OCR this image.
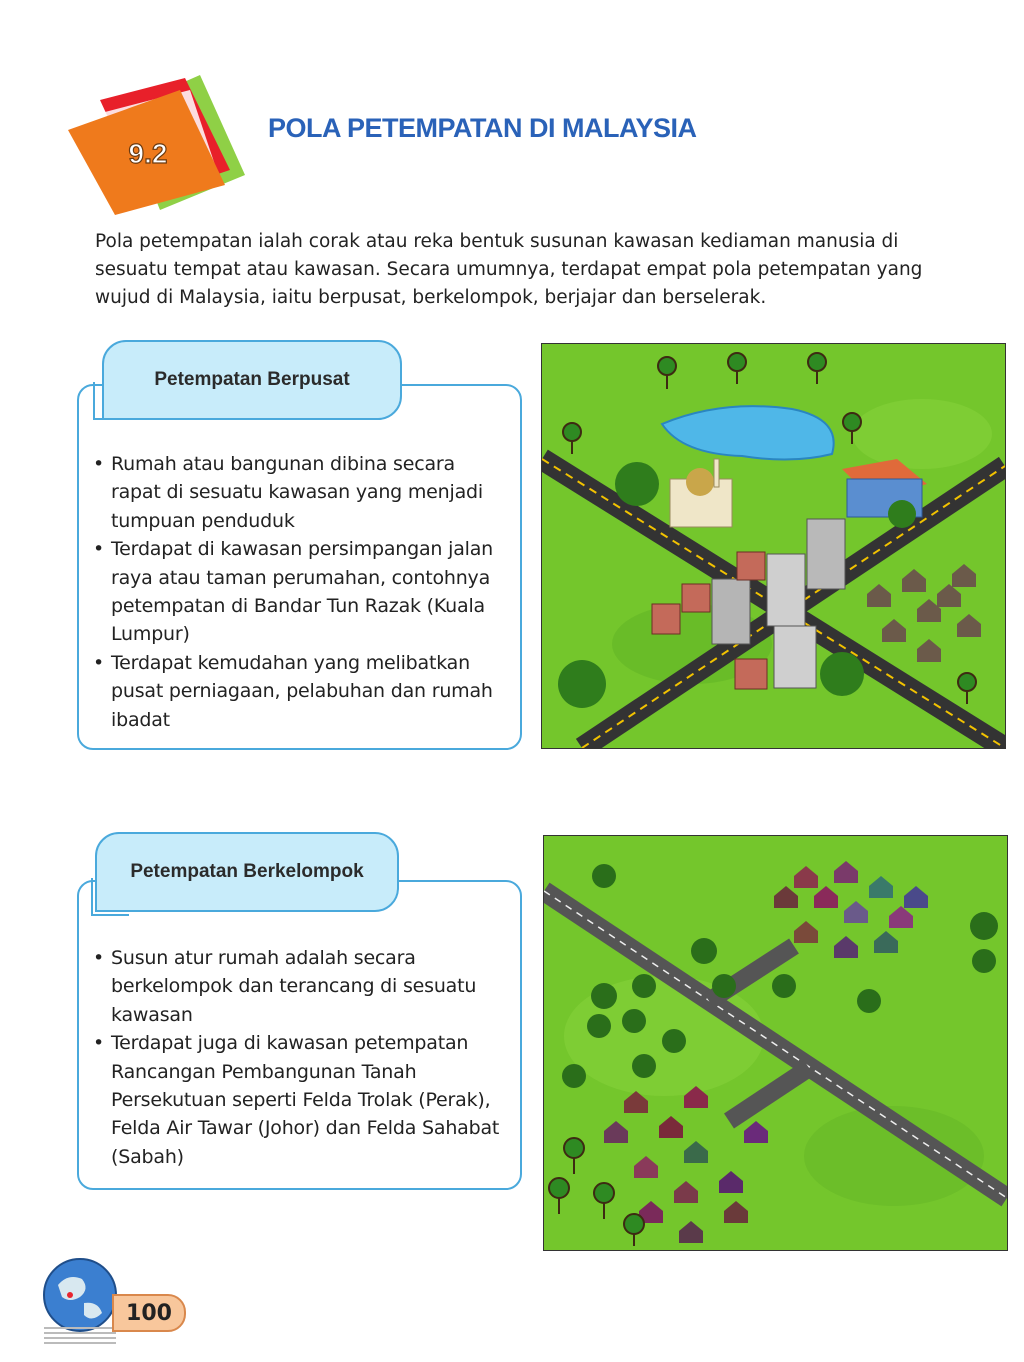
9.2
POLA PETEMPATAN DI MALAYSIA

Pola petempatan ialah corak atau reka bentuk susunan kawasan kediaman manusia di sesuatu tempat atau kawasan. Secara umumnya, terdapat empat pola petempatan yang wujud di Malaysia, iaitu berpusat, berkelompok, berjajar dan berselerak.

• Rumah atau bangunan dibina secara rapat di sesuatu kawasan yang menjadi tumpuan penduduk
• Terdapat di kawasan persimpangan jalan raya atau taman perumahan, contohnya petempatan di Bandar Tun Razak (Kuala Lumpur)
• Terdapat kemudahan yang melibatkan pusat perniagaan, pelabuhan dan rumah ibadat
Petempatan Berpusat
• Susun atur rumah adalah secara berkelompok dan terancang di sesuatu kawasan
• Terdapat juga di kawasan petempatan Rancangan Pembangunan Tanah Persekutuan seperti Felda Trolak (Perak), Felda Air Tawar (Johor) dan Felda Sahabat (Sabah)
Petempatan Berkelompok
100
